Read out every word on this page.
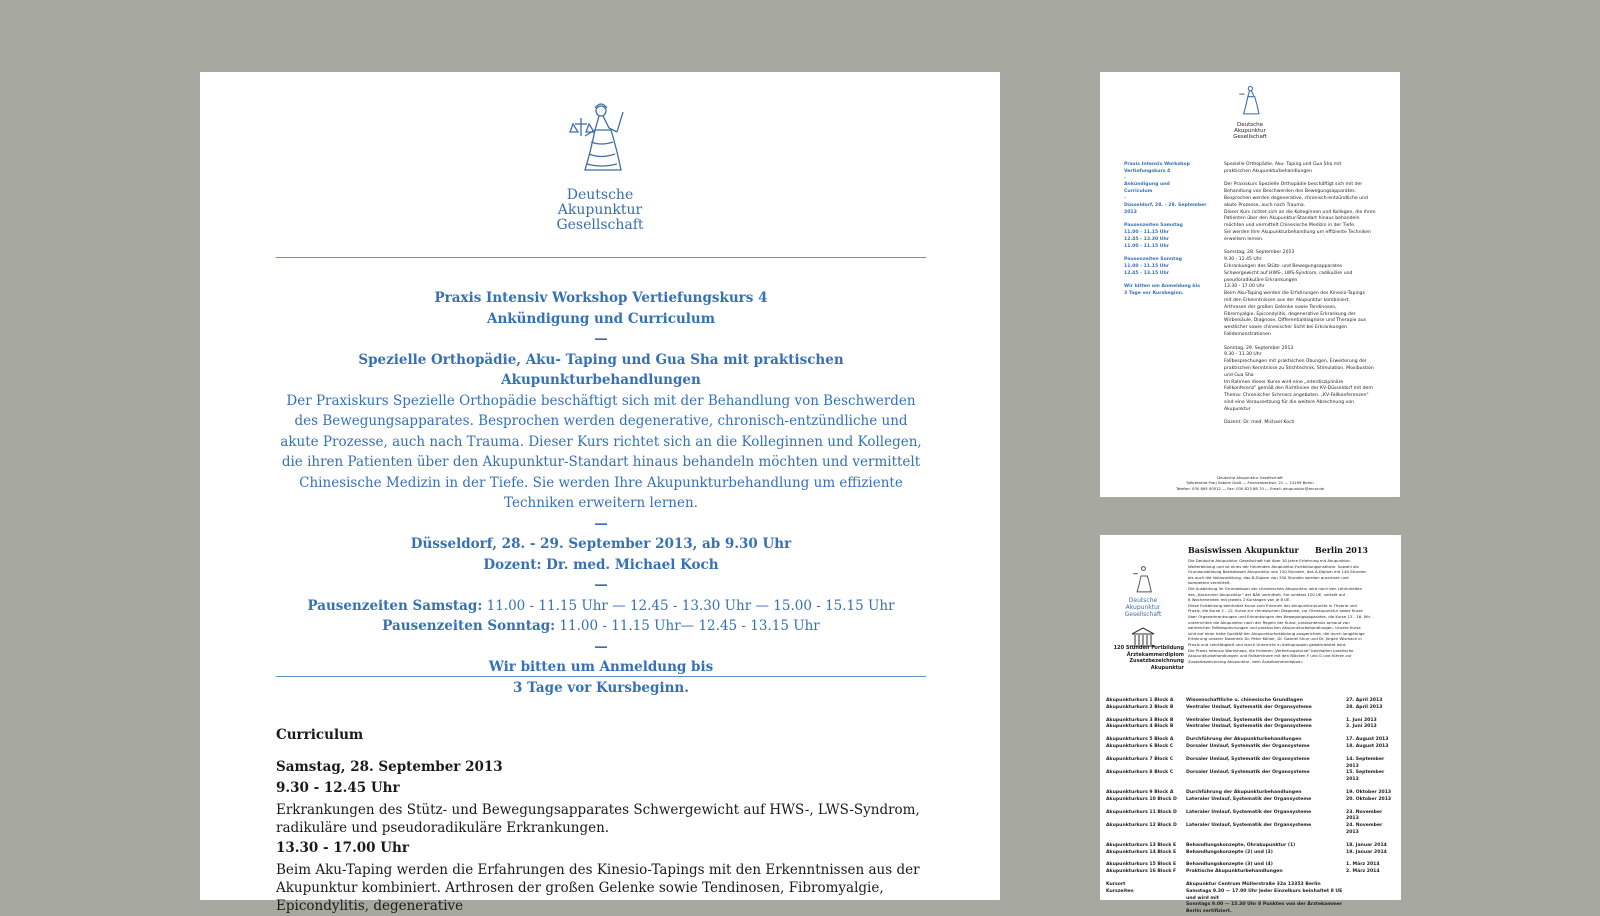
Deutsche
Akupunktur
Gesellschaft

Praxis Intensiv Workshop Vertiefungskurs 4

Ankündigung und Curriculum

—

Spezielle Orthopädie, Aku- Taping und Gua Sha mit praktischen Akupunkturbehandlungen

Der Praxiskurs Spezielle Orthopädie beschäftigt sich mit der Behandlung von Beschwerden des Bewegungsapparates. Besprochen werden degenerative, chronisch-entzündliche und akute Prozesse, auch nach Trauma. Dieser Kurs richtet sich an die Kolleginnen und Kollegen, die ihren Patienten über den Akupunktur-Standart hinaus behandeln möchten und vermittelt Chinesische Medizin in der Tiefe. Sie werden Ihre Akupunkturbehandlung um effiziente Techniken erweitern lernen.

—

Düsseldorf, 28. - 29. September 2013, ab 9.30 Uhr

Dozent: Dr. med. Michael Koch

—

Pausenzeiten Samstag: 11.00 - 11.15 Uhr — 12.45 - 13.30 Uhr — 15.00 - 15.15 Uhr

Pausenzeiten Sonntag: 11.00 - 11.15 Uhr— 12.45 - 13.15 Uhr

—

Wir bitten um Anmeldung bis

3 Tage vor Kursbeginn.

Curriculum

Samstag, 28. September 2013

9.30 - 12.45 Uhr

Erkrankungen des Stütz- und Bewegungsapparates Schwergewicht auf HWS-, LWS-Syndrom, radikuläre und pseudoradikuläre Erkrankungen.

13.30 - 17.00 Uhr

Beim Aku-Taping werden die Erfahrungen des Kinesio-Tapings mit den Erkenntnissen aus der Akupunktur kombiniert. Arthrosen der großen Gelenke sowie Tendinosen, Fibromyalgie, Epicondylitis, degenerative

Deutsche
Akupunktur
Gesellschaft
Praxis Intensiv Workshop
Vertiefungskurs 4
-
Ankündigung und
Curriculum
-
Düsseldorf, 28. - 29. September 2013
Pausenzeiten Samstag
11.00 - 11.15 Uhr
12.45 - 13.30 Uhr
11.00 - 11.15 Uhr
Pausenzeiten Sonntag
11.00 - 11.15 Uhr
12.45 - 13.15 Uhr
Wir bitten um Anmeldung bis
3 Tage vor Kursbeginn.
Spezielle Orthopädie, Aku- Taping und Gua Sha mit
praktischen Akupunkturbehandlungen
Der Praxiskurs Spezielle Orthopädie beschäftigt sich mit der
Behandlung von Beschwerden des Bewegungsapparates.
Besprochen werden degenerative, chronisch-entzündliche und
akute Prozesse, auch nach Trauma.
Dieser Kurs richtet sich an die Kolleginnen und Kollegen, die ihren
Patienten über den Akupunktur-Standart hinaus behandeln
möchten und vermittelt Chinesische Medizin in der Tiefe.
Sie werden Ihre Akupunkturbehandlung um effiziente Techniken
erweitern lernen.
Samstag, 28. September 2013
9.30 - 12.45 Uhr
Erkrankungen des Stütz- und Bewegungsapparates
Schwergewicht auf HWS-, LWS-Syndrom, radikuläre und
pseudoradikuläre Erkrankungen
13.30 - 17.00 Uhr
Beim Aku-Taping werden die Erfahrungen des Kinesio-Tapings
mit den Erkenntnissen aus der Akupunktur kombiniert.
Arthrosen der großen Gelenke sowie Tendinosen,
Fibromyalgie, Epicondylitis, degenerative Erkrankung der
Wirbelsäule. Diagnose, Differentialdiagnose und Therapie aus
westlicher sowie chinesischer Sicht bei Erkrankungen
Falldemonstrationen
Sonntag, 29. September 2013
9.30 - 11.30 Uhr
Fallbesprechungen mit praktischen Übungen, Erweiterung der
praktischen Kenntnisse zu Stichtechnik, Stimulation, Moxibustion
und Gua Sha
Im Rahmen dieser Kurse wird eine „interdisziplinäre
Fallkonferenz" gemäß den Richtlinien der KV-Düsseldorf mit dem
Thema: Chronischer Schmerz angeboten. „KV-Fallkonferenzen"
sind eine Voraussetzung für die weitere Abrechnung von
Akupunktur
Dozent: Dr. med. Michael Koch
Deutsche Akupunktur Gesellschaft
Sekretariat Frau Sabine Groß — Forckenbeckstr. 21 — 14199 Berlin
Telefon: 030 895 00512 — Fax: 030 823 88 70 — Email: akupunktur@arcor.de
Deutsche
Akupunktur
Gesellschaft
Basiswissen Akupunktur Berlin 2013
Die Deutsche Akupunktur Gesellschaft hat über 30 Jahre Erfahrung mit Akupunktur-
Weiterbildung und ist eines der führenden Akupunktur-Fortbildungsinstitute. Sowohl die
Grundausbildung Basiswissen Akupunktur von 120 Stunden, das A-Diplom mit 140 Stunden
als auch die Vollausbildung, das B-Diplom von 350 Stunden werden praxisnah und
kompetent vermittelt.
Die Ausbildung im Grundwissen der chinesischen Akupunktur wird nach den Lehrinhalten
des „Karlsruher Akupunktur" der BÄK vermittelt. Sie umfasst 120 UE, verteilt auf
8 Wochenenden mit jeweils 2 Kurstagen von je 8 UE.
Diese Fortbildung beinhaltet Kurse zum Erlernen der Akupunkturpunkte in Theorie und
Praxis, die Kurse 2 - 12, Kurse zur chinesischen Diagnose, zur Ohrakupunktur sowie Kurse
über Organerkrankungen und Erkrankungen des Bewegungsapparates, die Kurse 13 - 16. Wir
unterrichten die Akupunktur nach der Regeln der Kunst, praxisintensiv anhand von
zahlreichen Fallbesprechungen und praktischen Akupunkturbehandlungen. Unsere Kurse
sind auf einer hohe Qualität der Akupunkturfortbildung ausgerichtet, die durch langjährige
Erfahrung unserer Dozenten Dr. Peter Köhler, Dr. Gabriel Shun und Dr. Jürgen Wismach in
Praxis und Lehrtätigkeit und durch Unterricht in Kleingruppen gewährleistet wird.
Die Praxis Intensiv Workshops, die früheren „Vertiefungskurse" beinhalten praktische
Akupunkturbehandlungen und Fallseminare mit den Blöcken F und G und führen zur
Zusatzbezeichnung Akupunktur, dem Ärztekammerdiplom.
120 Stunden Fortbildung
Ärztekammerdiplom
Zusatzbezeichnung
Akupunktur
Akupunkturkurs 1 Block A	Wissenschaftliche u. chinesische Grundlagen	27. April 2013
Akupunkturkurs 2 Block B	Ventraler Umlauf, Systematik der Organsysteme	28. April 2013
Akupunkturkurs 3 Block B	Ventraler Umlauf, Systematik der Organsysteme	1. Juni 2013
Akupunkturkurs 4 Block B	Ventraler Umlauf, Systematik der Organsysteme	2. Juni 2013
Akupunkturkurs 5 Block A	Durchführung der Akupunkturbehandlungen	17. August 2013
Akupunkturkurs 6 Block C	Dorsaler Umlauf, Systematik der Organsysteme	18. August 2013
Akupunkturkurs 7 Block C	Dorsaler Umlauf, Systematik der Organsysteme	14. September 2013
Akupunkturkurs 8 Block C	Dorsaler Umlauf, Systematik der Organsysteme	15. September 2013
Akupunkturkurs 9 Block A	Durchführung der Akupunkturbehandlungen	19. Oktober 2013
Akupunkturkurs 10 Block D	Lateraler Umlauf, Systematik der Organsysteme	20. Oktober 2013
Akupunkturkurs 11 Block D	Lateraler Umlauf, Systematik der Organsysteme	23. November 2013
Akupunkturkurs 12 Block D	Lateraler Umlauf, Systematik der Organsysteme	24. November 2013
Akupunkturkurs 13 Block E	Behandlungskonzepte, Ohrakupunktur (1)	18. Januar 2014
Akupunkturkurs 14 Block E	Behandlungskonzepte (2) und (3)	19. Januar 2014
Akupunkturkurs 15 Block E	Behandlungskonzepte (3) und (4)	1. März 2014
Akupunkturkurs 16 Block F	Praktische Akupunkturbehandlungen	2. März 2014
Kursort	Akupunktur Centrum Müllerstraße 32a 13353 Berlin
Kurszeiten	Samstags 9.30 — 17.00 Uhr Jeder Einzelkurs beinhaltet 8 UE und wird mit
Sonntags 9.00 — 15.30 Uhr 8 Punkten von der Ärztekammer Berlin zertifiziert.
